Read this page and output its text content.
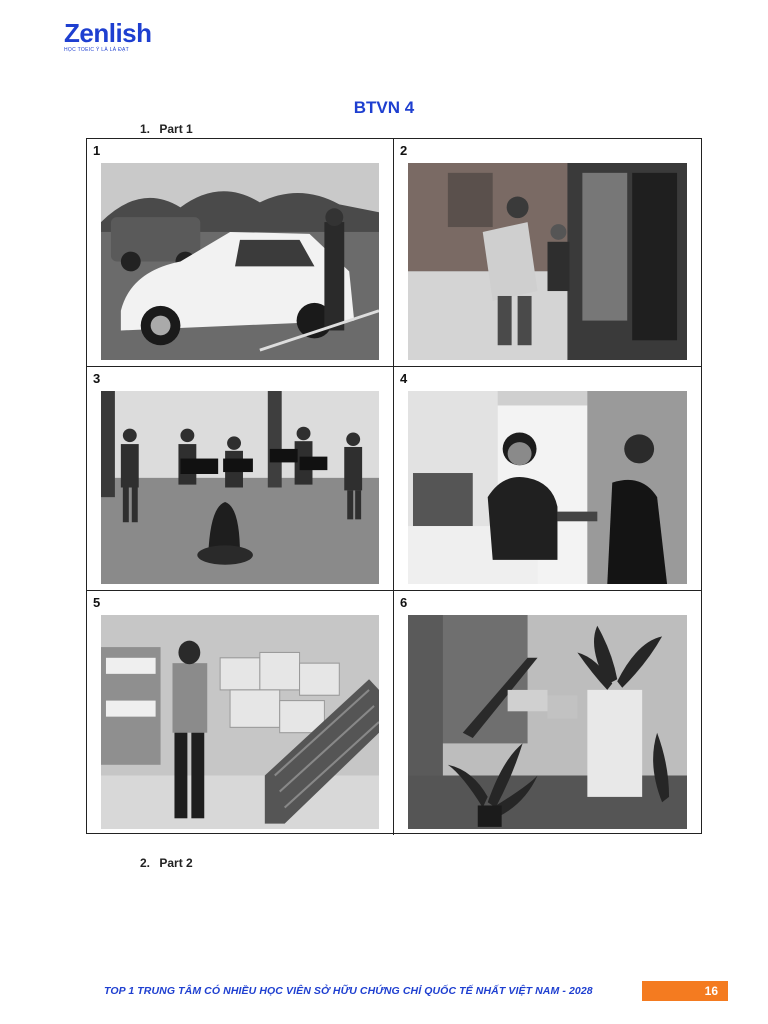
Zenlish
HỌC TOEIC Ý LÀ LÀ ĐẠT
BTVN 4
1. Part 1
1	2
3	4
5	6
2. Part 2
TOP 1 TRUNG TÂM CÓ NHIỀU HỌC VIÊN SỞ HỮU CHỨNG CHỈ QUỐC TẾ NHẤT VIỆT NAM - 2028	16
